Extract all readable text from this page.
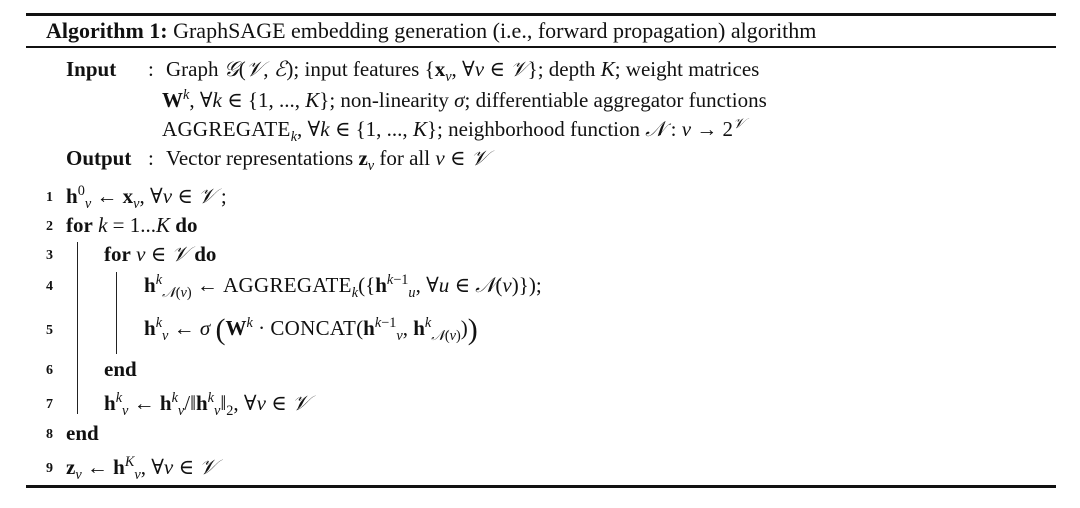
Algorithm 1: GraphSAGE embedding generation (i.e., forward propagation) algorithm
Input : Graph 𝒢(𝒱, ℰ); input features {$x_v$, ∀v ∈ 𝒱}; depth K; weight matrices
$W^k$, ∀k ∈ {1, ..., K}; non-linearity σ; differentiable aggregator functions
$AGGREGATE_k$, ∀k ∈ {1, ..., K}; neighborhood function 𝒩 : $v \to 2^𝒱$
Output : Vector representations $z_v$ for all v ∈ 𝒱
1
2
3
4
5
6
7
8
9
$h^0_v$ ← $x_v$, ∀v ∈ 𝒱 ;
for k = 1...K do
for v ∈ 𝒱 do
$h^k_{𝒩(v)}$ ← $AGGREGATE_k(\{h^{k-1}_u$, ∀u ∈ 𝒩(v)});
$h^k_v$ ← σ ($W^k$ · $CONCAT(h^{k-1}_v$, $h^k_{𝒩(v)}$))
end
$h^k_v$ ← $h^k_v/‖h^k_v‖_2$, ∀v ∈ 𝒱
end
$z_v$ ← $h^K_v$, ∀v ∈ 𝒱
